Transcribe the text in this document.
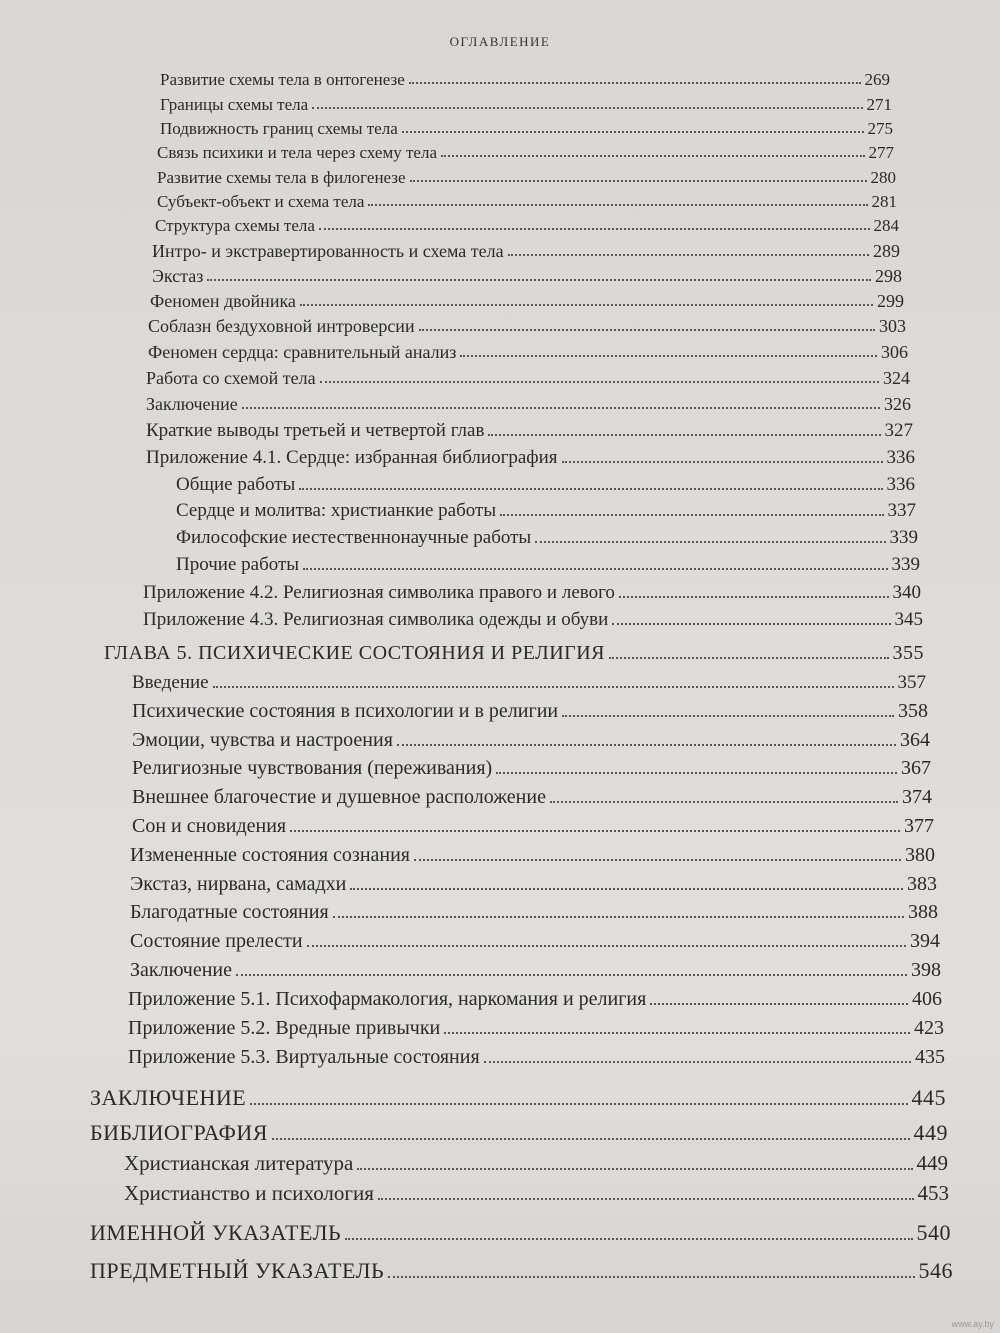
ОГЛАВЛЕНИЕ
Развитие схемы тела в онтогенезе	269
Границы схемы тела	271
Подвижность границ схемы тела	275
Связь психики и тела через схему тела	277
Развитие схемы тела в филогенезе	280
Субъект-объект и схема тела	281
Структура схемы тела	284
Интро- и экстравертированность и схема тела	289
Экстаз	298
Феномен двойника	299
Соблазн бездуховной интроверсии	303
Феномен сердца: сравнительный анализ	306
Работа со схемой тела	324
Заключение	326
Краткие выводы третьей и четвертой глав	327
Приложение 4.1. Сердце: избранная библиография	336
Общие работы	336
Сердце и молитва: христианкие работы	337
Философские иестественнонаучные работы	339
Прочие работы	339
Приложение 4.2. Религиозная символика правого и левого	340
Приложение 4.3. Религиозная символика одежды и обуви	345
ГЛАВА 5. ПСИХИЧЕСКИЕ СОСТОЯНИЯ И РЕЛИГИЯ	355
Введение	357
Психические состояния в психологии и в религии	358
Эмоции, чувства и настроения	364
Религиозные чувствования (переживания)	367
Внешнее благочестие и душевное расположение	374
Сон и сновидения	377
Измененные состояния сознания	380
Экстаз, нирвана, самадхи	383
Благодатные состояния	388
Состояние прелести	394
Заключение	398
Приложение 5.1. Психофармакология, наркомания и религия	406
Приложение 5.2. Вредные привычки	423
Приложение 5.3. Виртуальные состояния	435
ЗАКЛЮЧЕНИЕ	445
БИБЛИОГРАФИЯ	449
Христианская литература	449
Христианство и психология	453
ИМЕННОЙ УКАЗАТЕЛЬ	540
ПРЕДМЕТНЫЙ УКАЗАТЕЛЬ	546
www.ay.by
